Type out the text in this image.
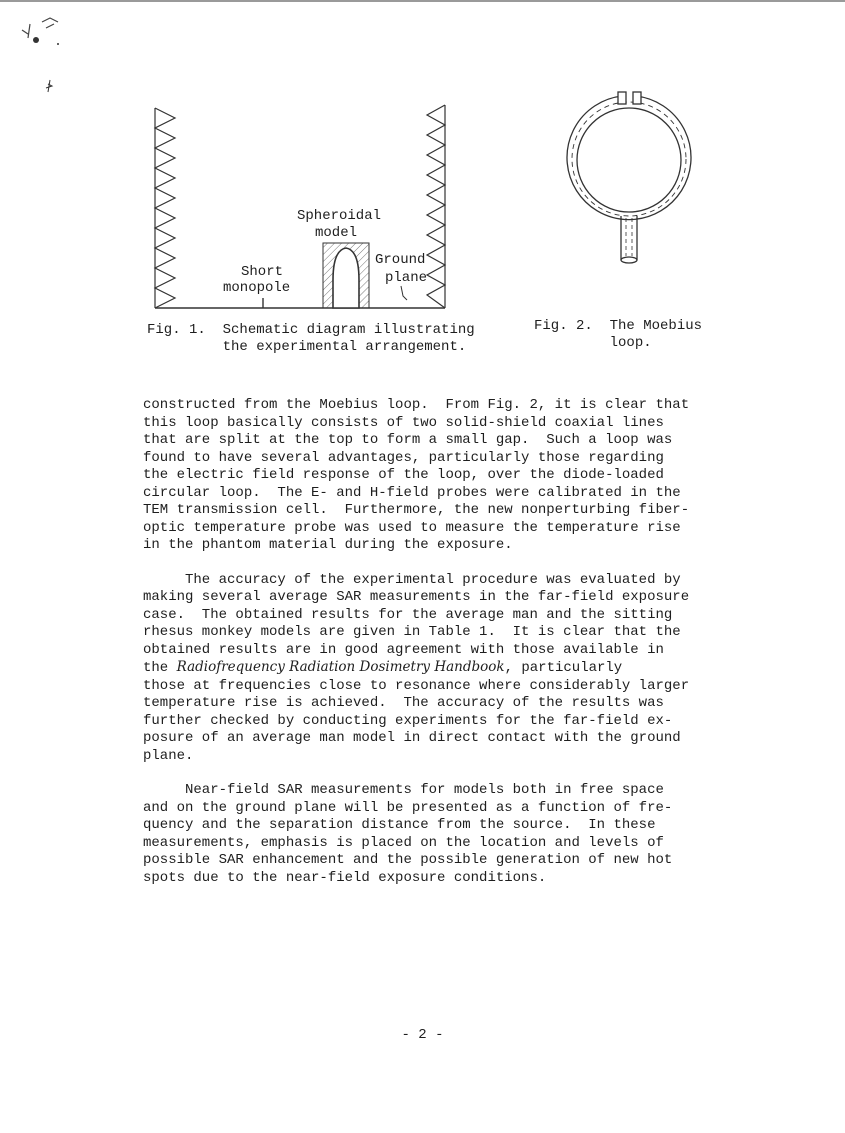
Spheroidal
model
Ground
plane
Short
monopole
Fig. 1.  Schematic diagram illustrating
the experimental arrangement.
Fig. 2.  The Moebius
loop.

constructed from the Moebius loop.  From Fig. 2, it is clear that

this loop basically consists of two solid-shield coaxial lines

that are split at the top to form a small gap.  Such a loop was

found to have several advantages, particularly those regarding

the electric field response of the loop, over the diode-loaded

circular loop.  The E- and H-field probes were calibrated in the

TEM transmission cell.  Furthermore, the new nonperturbing fiber-

optic temperature probe was used to measure the temperature rise

in the phantom material during the exposure.

The accuracy of the experimental procedure was evaluated by

making several average SAR measurements in the far-field exposure

case.  The obtained results for the average man and the sitting

rhesus monkey models are given in Table 1.  It is clear that the

obtained results are in good agreement with those available in

the Radiofrequency Radiation Dosimetry Handbook, particularly

those at frequencies close to resonance where considerably larger

temperature rise is achieved.  The accuracy of the results was

further checked by conducting experiments for the far-field ex-

posure of an average man model in direct contact with the ground

plane.

Near-field SAR measurements for models both in free space

and on the ground plane will be presented as a function of fre-

quency and the separation distance from the source.  In these

measurements, emphasis is placed on the location and levels of

possible SAR enhancement and the possible generation of new hot

spots due to the near-field exposure conditions.

- 2 -
